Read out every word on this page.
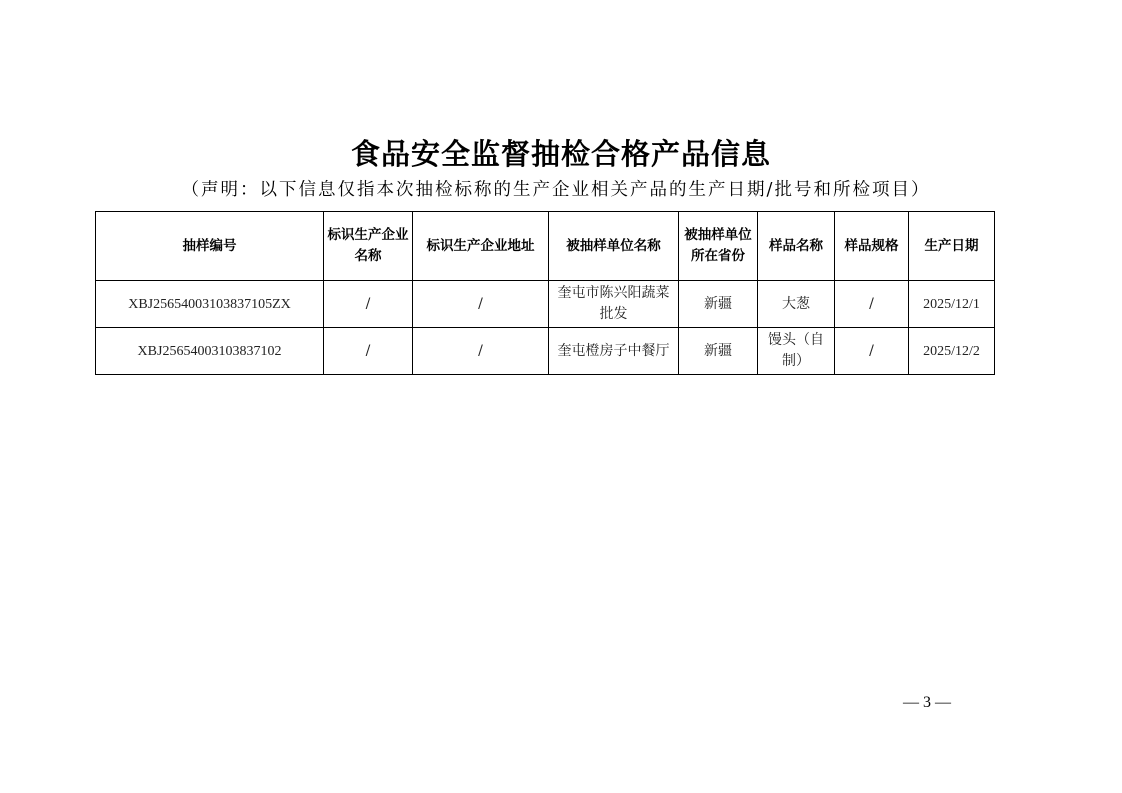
食品安全监督抽检合格产品信息
（声明：以下信息仅指本次抽检标称的生产企业相关产品的生产日期/批号和所检项目）
抽样编号	标识生产企业名称	标识生产企业地址	被抽样单位名称	被抽样单位所在省份	样品名称	样品规格	生产日期
XBJ25654003103837105ZX	/	/	奎屯市陈兴阳蔬菜批发	新疆	大葱	/	2025/12/1
XBJ25654003103837102	/	/	奎屯橙房子中餐厅	新疆	馒头（自制）	/	2025/12/2
— 3 —
